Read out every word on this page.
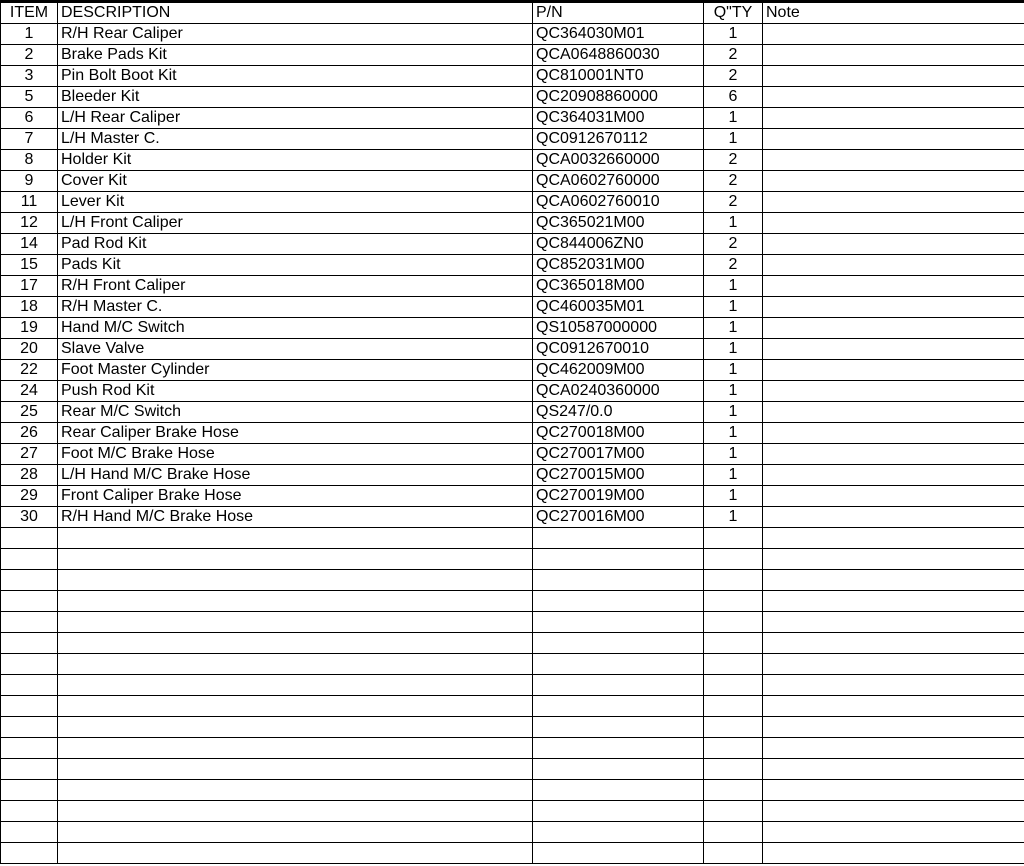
ITEM	DESCRIPTION	P/N	Q"TY	Note
1	R/H Rear Caliper	QC364030M01	1	
2	Brake Pads Kit	QCA0648860030	2	
3	Pin Bolt Boot Kit	QC810001NT0	2	
5	Bleeder Kit	QC20908860000	6	
6	L/H Rear Caliper	QC364031M00	1	
7	L/H Master C.	QC0912670112	1	
8	Holder Kit	QCA0032660000	2	
9	Cover Kit	QCA0602760000	2	
11	Lever Kit	QCA0602760010	2	
12	L/H Front Caliper	QC365021M00	1	
14	Pad Rod Kit	QC844006ZN0	2	
15	Pads Kit	QC852031M00	2	
17	R/H Front Caliper	QC365018M00	1	
18	R/H Master C.	QC460035M01	1	
19	Hand M/C Switch	QS10587000000	1	
20	Slave Valve	QC0912670010	1	
22	Foot Master Cylinder	QC462009M00	1	
24	Push Rod Kit	QCA0240360000	1	
25	Rear M/C Switch	QS247/0.0	1	
26	Rear Caliper Brake Hose	QC270018M00	1	
27	Foot M/C Brake Hose	QC270017M00	1	
28	L/H Hand M/C Brake Hose	QC270015M00	1	
29	Front Caliper Brake Hose	QC270019M00	1	
30	R/H Hand M/C Brake Hose	QC270016M00	1	
